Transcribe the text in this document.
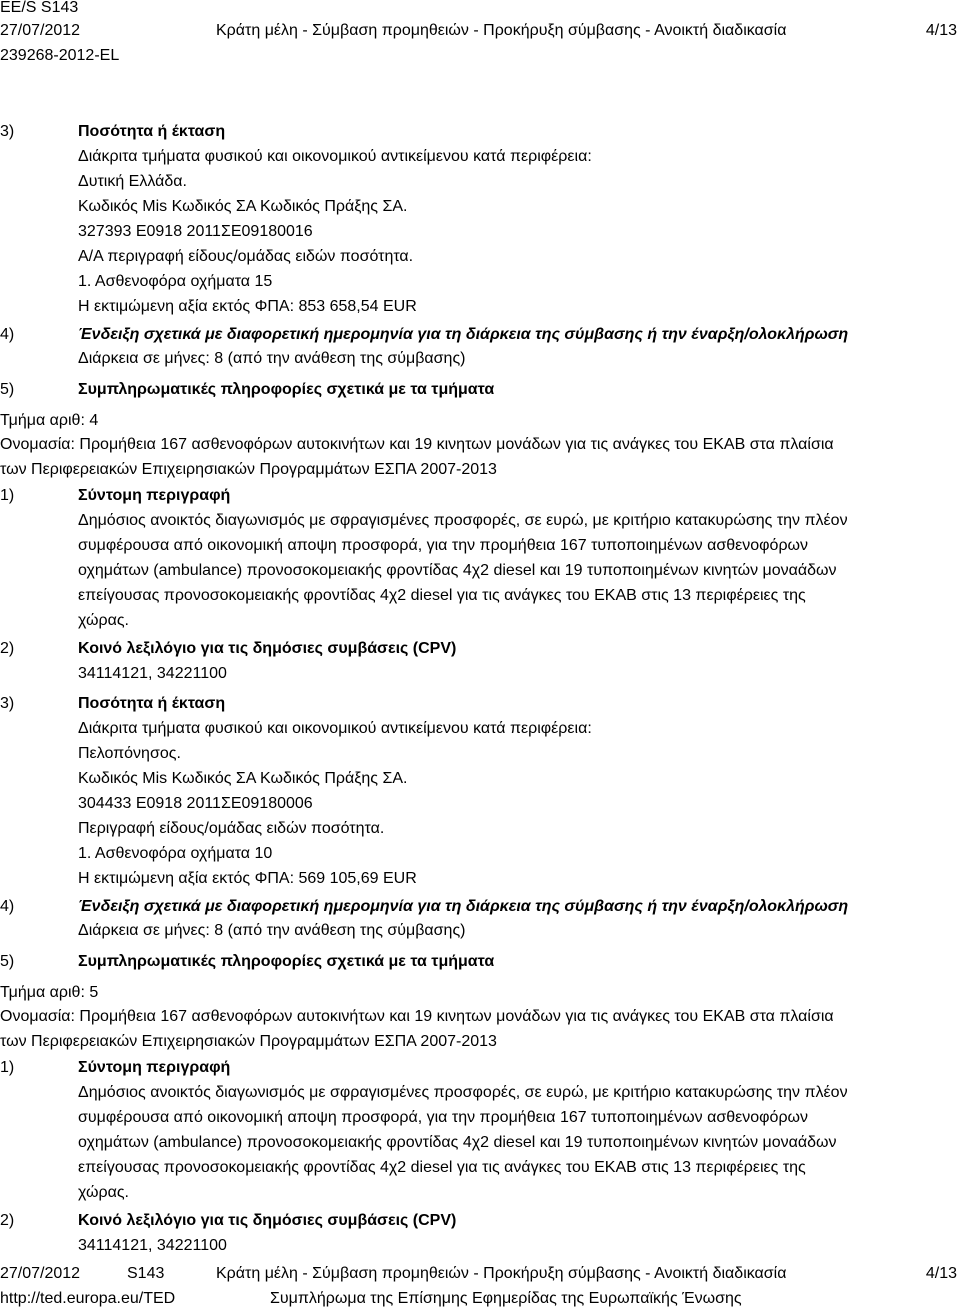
EE/S S143
27/07/2012	Κράτη μέλη - Σύμβαση προμηθειών - Προκήρυξη σύμβασης - Ανοικτή διαδικασία	4/13
239268-2012-EL
3)	Ποσότητα ή έκταση
Διάκριτα τμήματα φυσικού και οικονομικού αντικείμενου κατά περιφέρεια:
Δυτική Ελλάδα.
Κωδικός Mis Κωδικός ΣΑ Κωδικός Πράξης ΣΑ.
327393 Ε0918 2011ΣΕ09180016
Α/Α περιγραφή είδους/ομάδας ειδών ποσότητα.
1. Ασθενοφόρα οχήματα 15
Η εκτιμώμενη αξία εκτός ΦΠΑ: 853 658,54 EUR
4)	Ένδειξη σχετικά με διαφορετική ημερομηνία για τη διάρκεια της σύμβασης ή την έναρξη/ολοκλήρωση
Διάρκεια σε μήνες: 8 (από την ανάθεση της σύμβασης)
5)	Συμπληρωματικές πληροφορίες σχετικά με τα τμήματα
Τμήμα αριθ: 4
Ονομασία: Προμήθεια 167 ασθενοφόρων αυτοκινήτων και 19 κινητων μονάδων για τις ανάγκες του ΕΚΑΒ στα πλαίσια
των Περιφερειακών Επιχειρησιακών Προγραμμάτων ΕΣΠΑ 2007-2013
1)	Σύντομη περιγραφή
Δημόσιος ανοικτός διαγωνισμός με σφραγισμένες προσφορές, σε ευρώ, με κριτήριο κατακυρώσης την πλέον
συμφέρουσα από οικονομική αποψη προσφορά, για την προμήθεια 167 τυποποιημένων ασθενοφόρων
οχημάτων (ambulance) προνοσοκομειακής φροντίδας 4χ2 diesel και 19 τυποποιημένων κινητών μοναάδων
επείγουσας προνοσοκομειακής φροντίδας 4χ2 diesel για τις ανάγκες του ΕΚΑΒ στις 13 περιφέρειες της
χώρας.
2)	Κοινό λεξιλόγιο για τις δημόσιες συμβάσεις (CPV)
34114121, 34221100
3)	Ποσότητα ή έκταση
Διάκριτα τμήματα φυσικού και οικονομικού αντικείμενου κατά περιφέρεια:
Πελοπόνησος.
Κωδικός Mis Κωδικός ΣΑ Κωδικός Πράξης ΣΑ.
304433 Ε0918 2011ΣΕ09180006
Περιγραφή είδους/ομάδας ειδών ποσότητα.
1. Ασθενοφόρα οχήματα 10
Η εκτιμώμενη αξία εκτός ΦΠΑ: 569 105,69 EUR
4)	Ένδειξη σχετικά με διαφορετική ημερομηνία για τη διάρκεια της σύμβασης ή την έναρξη/ολοκλήρωση
Διάρκεια σε μήνες: 8 (από την ανάθεση της σύμβασης)
5)	Συμπληρωματικές πληροφορίες σχετικά με τα τμήματα
Τμήμα αριθ: 5
Ονομασία: Προμήθεια 167 ασθενοφόρων αυτοκινήτων και 19 κινητων μονάδων για τις ανάγκες του ΕΚΑΒ στα πλαίσια
των Περιφερειακών Επιχειρησιακών Προγραμμάτων ΕΣΠΑ 2007-2013
1)	Σύντομη περιγραφή
Δημόσιος ανοικτός διαγωνισμός με σφραγισμένες προσφορές, σε ευρώ, με κριτήριο κατακυρώσης την πλέον
συμφέρουσα από οικονομική αποψη προσφορά, για την προμήθεια 167 τυποποιημένων ασθενοφόρων
οχημάτων (ambulance) προνοσοκομειακής φροντίδας 4χ2 diesel και 19 τυποποιημένων κινητών μοναάδων
επείγουσας προνοσοκομειακής φροντίδας 4χ2 diesel για τις ανάγκες του ΕΚΑΒ στις 13 περιφέρειες της
χώρας.
2)	Κοινό λεξιλόγιο για τις δημόσιες συμβάσεις (CPV)
34114121, 34221100
27/07/2012	S143	Κράτη μέλη - Σύμβαση προμηθειών - Προκήρυξη σύμβασης - Ανοικτή διαδικασία	4/13
http://ted.europa.eu/TED	Συμπλήρωμα της Επίσημης Εφημερίδας της Ευρωπαϊκής Ένωσης
